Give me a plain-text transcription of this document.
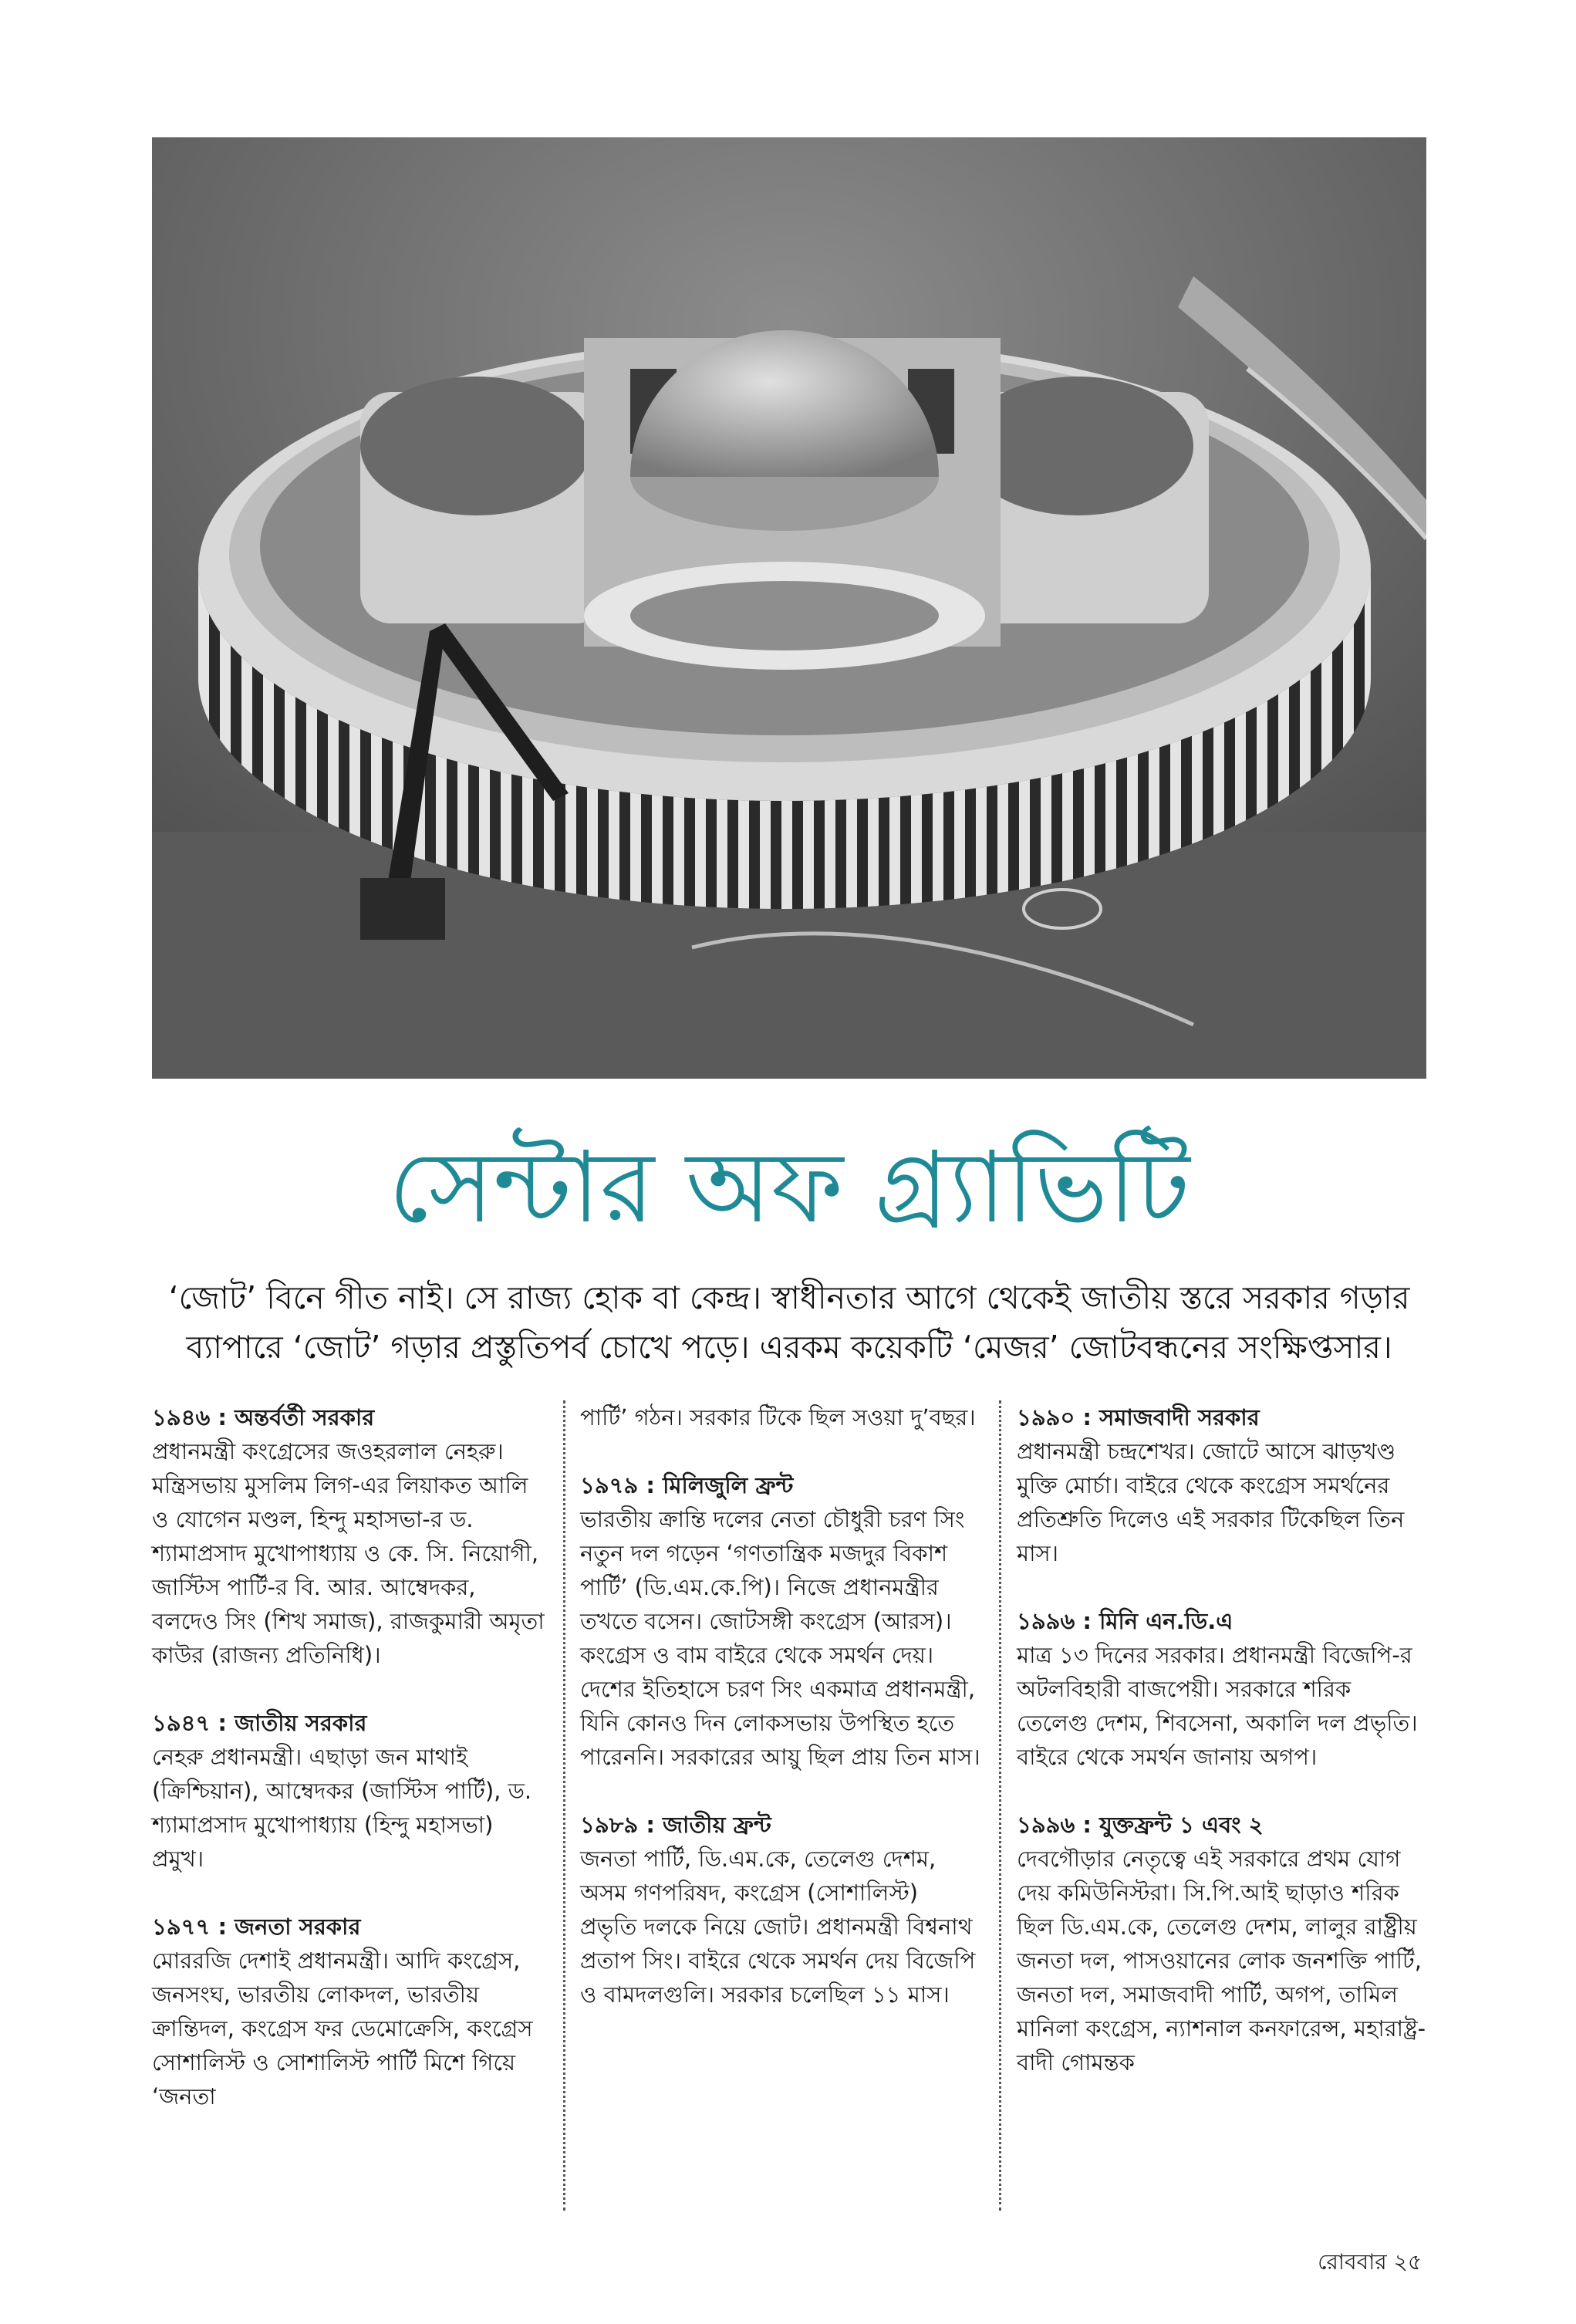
সেন্টার অফ গ্র্যাভিটি

‘জোট’ বিনে গীত নাই। সে রাজ্য হোক বা কেন্দ্র। স্বাধীনতার আগে থেকেই জাতীয় স্তরে সরকার গড়ার ব্যাপারে ‘জোট’ গড়ার প্রস্তুতিপর্ব চোখে পড়ে। এরকম কয়েকটি ‘মেজর’ জোটবন্ধনের সংক্ষিপ্তসার।

১৯৪৬ : অন্তর্বর্তী সরকার
প্রধানমন্ত্রী কংগ্রেসের জওহরলাল নেহরু। মন্ত্রিসভায় মুসলিম লিগ-এর লিয়াকত আলি ও যোগেন মণ্ডল, হিন্দু মহাসভা-র ড. শ্যামাপ্রসাদ মুখোপাধ্যায় ও কে. সি. নিয়োগী, জাস্টিস পার্টি-র বি. আর. আম্বেদকর, বলদেও সিং (শিখ সমাজ), রাজকুমারী অমৃতা কাউর (রাজন্য প্রতিনিধি)।
১৯৪৭ : জাতীয় সরকার
নেহরু প্রধানমন্ত্রী। এছাড়া জন মাথাই (ক্রিশ্চিয়ান), আম্বেদকর (জাস্টিস পার্টি), ড. শ্যামাপ্রসাদ মুখোপাধ্যায় (হিন্দু মহাসভা) প্রমুখ।
১৯৭৭ : জনতা সরকার
মোররজি দেশাই প্রধানমন্ত্রী। আদি কংগ্রেস, জনসংঘ, ভারতীয় লোকদল, ভারতীয় ক্রান্তিদল, কংগ্রেস ফর ডেমোক্রেসি, কংগ্রেস সোশালিস্ট ও সোশালিস্ট পার্টি মিশে গিয়ে ‘জনতা
পার্টি’ গঠন। সরকার টিকে ছিল সওয়া দু’বছর।
১৯৭৯ : মিলিজুলি ফ্রন্ট
ভারতীয় ক্রান্তি দলের নেতা চৌধুরী চরণ সিং নতুন দল গড়েন ‘গণতান্ত্রিক মজদুর বিকাশ পার্টি’ (ডি.এম.কে.পি)। নিজে প্রধানমন্ত্রীর তখতে বসেন। জোটসঙ্গী কংগ্রেস (আরস)। কংগ্রেস ও বাম বাইরে থেকে সমর্থন দেয়। দেশের ইতিহাসে চরণ সিং একমাত্র প্রধানমন্ত্রী, যিনি কোনও দিন লোকসভায় উপস্থিত হতে পারেননি। সরকারের আয়ু ছিল প্রায় তিন মাস।
১৯৮৯ : জাতীয় ফ্রন্ট
জনতা পার্টি, ডি.এম.কে, তেলেগু দেশম, অসম গণপরিষদ, কংগ্রেস (সোশালিস্ট) প্রভৃতি দলকে নিয়ে জোট। প্রধানমন্ত্রী বিশ্বনাথ প্রতাপ সিং। বাইরে থেকে সমর্থন দেয় বিজেপি ও বামদলগুলি। সরকার চলেছিল ১১ মাস।
১৯৯০ : সমাজবাদী সরকার
প্রধানমন্ত্রী চন্দ্রশেখর। জোটে আসে ঝাড়খণ্ড মুক্তি মোর্চা। বাইরে থেকে কংগ্রেস সমর্থনের প্রতিশ্রুতি দিলেও এই সরকার টিকেছিল তিন মাস।
১৯৯৬ : মিনি এন.ডি.এ
মাত্র ১৩ দিনের সরকার। প্রধানমন্ত্রী বিজেপি-র অটলবিহারী বাজপেয়ী। সরকারে শরিক তেলেগু দেশম, শিবসেনা, অকালি দল প্রভৃতি। বাইরে থেকে সমর্থন জানায় অগপ।
১৯৯৬ : যুক্তফ্রন্ট ১ এবং ২
দেবগৌড়ার নেতৃত্বে এই সরকারে প্রথম যোগ দেয় কমিউনিস্টরা। সি.পি.আই ছাড়াও শরিক ছিল ডি.এম.কে, তেলেগু দেশম, লালুর রাষ্ট্রীয় জনতা দল, পাসওয়ানের লোক জনশক্তি পার্টি, জনতা দল, সমাজবাদী পার্টি, অগপ, তামিল মানিলা কংগ্রেস, ন্যাশনাল কনফারেন্স, মহারাষ্ট্র-বাদী গোমন্তক
রোববার ২৫
